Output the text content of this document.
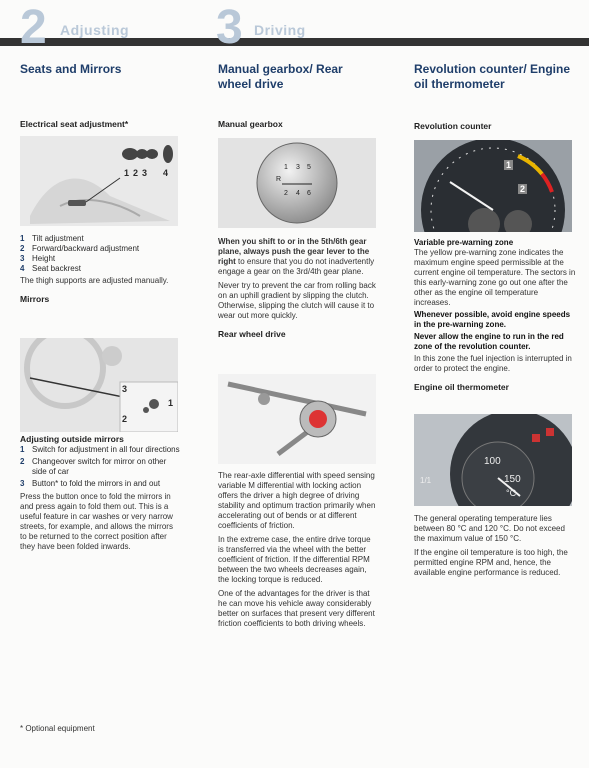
2 Adjusting 3 Driving
Seats and Mirrors
Electrical seat adjustment*
1 2 3 4
1 Tilt adjustment
2 Forward/backward adjustment
3 Height
4 Seat backrest

The thigh supports are adjusted manually.

Mirrors
3
1
2
Adjusting outside mirrors
1 Switch for adjustment in all four directions
2 Changeover switch for mirror on other side of car
3 Button* to fold the mirrors in and out

Press the button once to fold the mirrors in and press again to fold them out. This is a useful feature in car washes or very narrow streets, for example, and allows the mirrors to be returned to the correct position after they have been folded inwards.

* Optional equipment

Manual gearbox/ Rear wheel drive
Manual gearbox
1 3 5
2 4 6
R

When you shift to or in the 5th/6th gear plane, always push the gear lever to the right to ensure that you do not inadvertently engage a gear on the 3rd/4th gear plane.

Never try to prevent the car from rolling back on an uphill gradient by slipping the clutch. Otherwise, slipping the clutch will cause it to wear out more quickly.

Rear wheel drive

The rear-axle differential with speed sensing variable M differential with locking action offers the driver a high degree of driving stability and optimum traction primarily when accelerating out of bends or at different coefficients of friction.

In the extreme case, the entire drive torque is transferred via the wheel with the better coefficient of friction. If the differential RPM between the two wheels decreases again, the locking torque is reduced.

One of the advantages for the driver is that he can move his vehicle away considerably better on surfaces that present very different friction coefficients to both driving wheels.

Revolution counter/ Engine oil thermometer
Revolution counter
1
2

Variable pre-warning zone

The yellow pre-warning zone indicates the maximum engine speed permissible at the current engine oil temperature. The sectors in this early-warning zone go out one after the other as the engine oil temperature increases.

Whenever possible, avoid engine speeds in the pre-warning zone.

Never allow the engine to run in the red zone of the revolution counter.

In this zone the fuel injection is interrupted in order to protect the engine.

Engine oil thermometer
100
150
°C
1/1

The general operating temperature lies between 80 °C and 120 °C. Do not exceed the maximum value of 150 °C.

If the engine oil temperature is too high, the permitted engine RPM and, hence, the available engine performance is reduced.
